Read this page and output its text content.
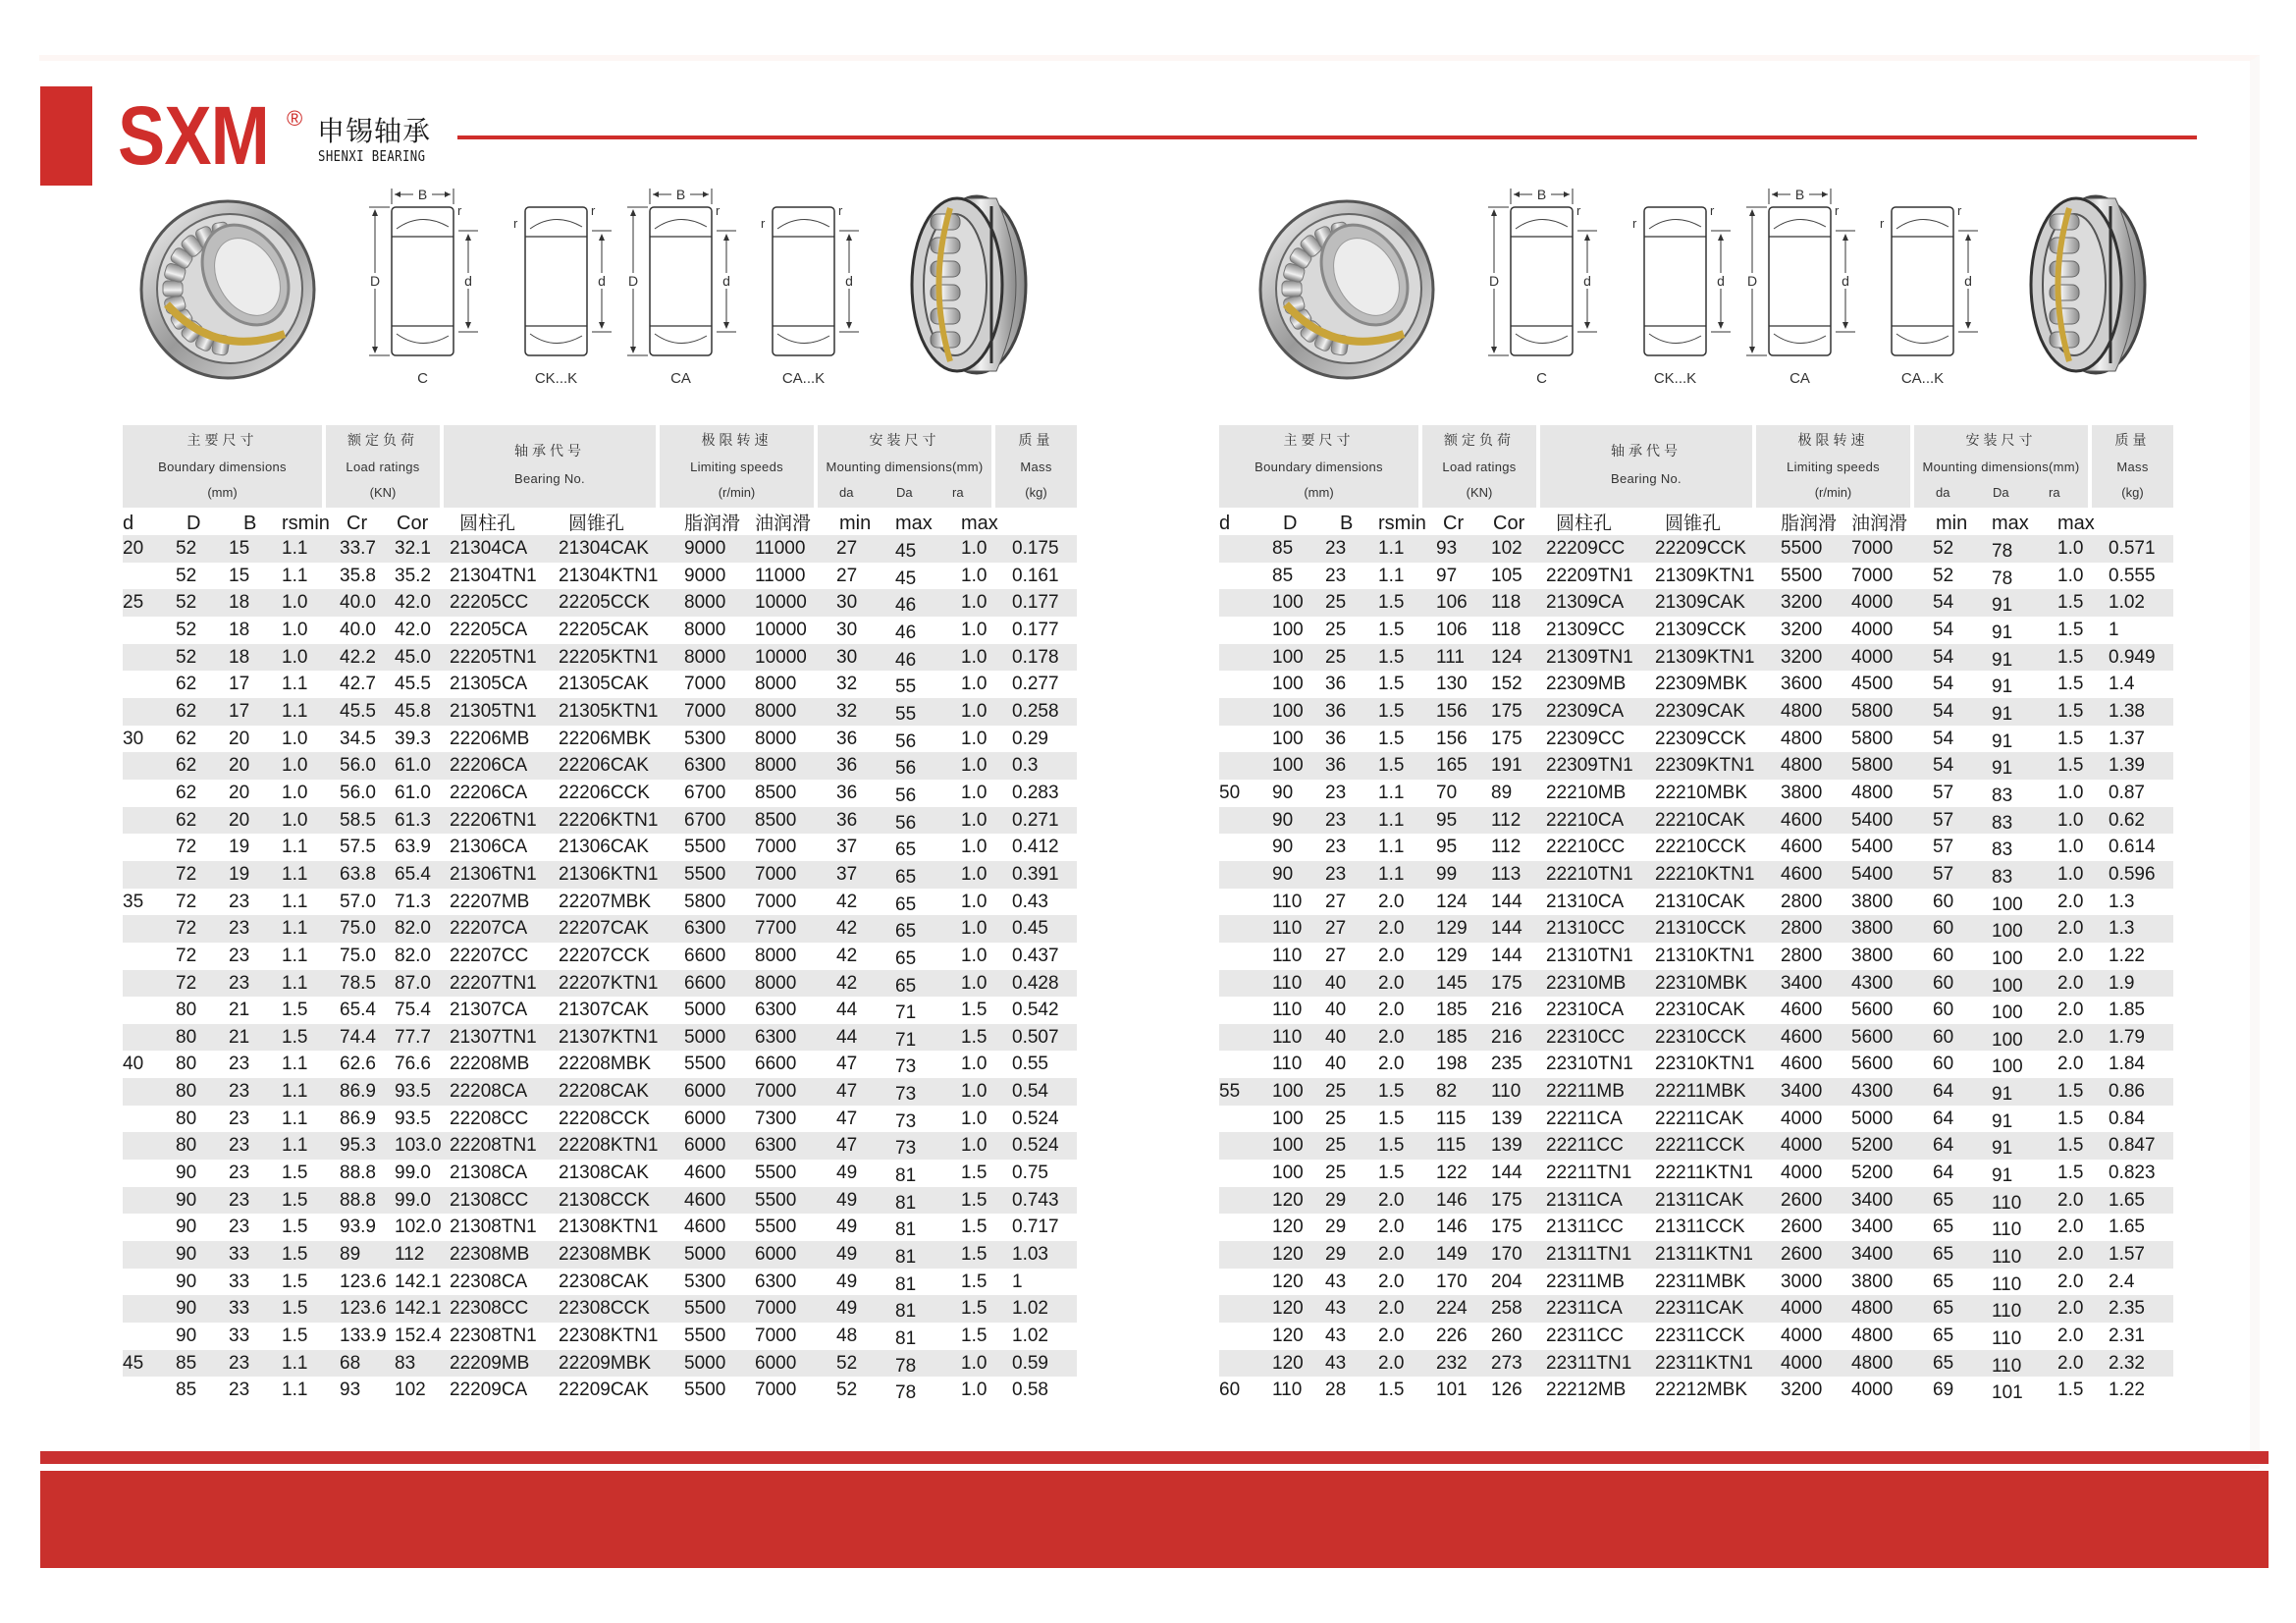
SXM ® 申锡轴承
SHENXI BEARING
r
d
D
B
C
r
d
r
CK...K
r
d
D
B
CA
r
d
r
CA...K
r
d
D
B
C
r
d
r
CK...K
r
d
D
B
CA
r
d
r
CA...K
主要尺寸
Boundary dimensions
(mm)
额定负荷
Load ratings
(KN)
轴承代号
Bearing No.
极限转速
Limiting speeds
(r/min)
安装尺寸
Mounting dimensions(mm)
da	Da	ra
质量
Mass
(kg)
d	D B rsmin Cr Cor 圆柱孔	圆锥孔	脂润滑 油润滑 min max max
20 52 15 1.1 33.7 32.1 21304CA 21304CAK 9000 11000 27 45 1.0 0.175
52 15 1.1 35.8 35.2 21304TN1 21304KTN1 9000 11000 27 45 1.0 0.161
25 52 18 1.0 40.0 42.0 22205CC 22205CCK 8000 10000 30 46 1.0 0.177
52 18 1.0 40.0 42.0 22205CA 22205CAK 8000 10000 30 46 1.0 0.177
52 18 1.0 42.2 45.0 22205TN1 22205KTN1 8000 10000 30 46 1.0 0.178
62 17 1.1 42.7 45.5 21305CA 21305CAK 7000 8000 32 55 1.0 0.277
62 17 1.1 45.5 45.8 21305TN1 21305KTN1 7000 8000 32 55 1.0 0.258
30 62 20 1.0 34.5 39.3 22206MB 22206MBK 5300 8000 36 56 1.0 0.29
62 20 1.0 56.0 61.0 22206CA 22206CAK 6300 8000 36 56 1.0 0.3
62 20 1.0 56.0 61.0 22206CA 22206CCK 6700 8500 36 56 1.0 0.283
62 20 1.0 58.5 61.3 22206TN1 22206KTN1 6700 8500 36 56 1.0 0.271
72 19 1.1 57.5 63.9 21306CA 21306CAK 5500 7000 37 65 1.0 0.412
72 19 1.1 63.8 65.4 21306TN1 21306KTN1 5500 7000 37 65 1.0 0.391
35 72 23 1.1 57.0 71.3 22207MB 22207MBK 5800 7000 42 65 1.0 0.43
72 23 1.1 75.0 82.0 22207CA 22207CAK 6300 7700 42 65 1.0 0.45
72 23 1.1 75.0 82.0 22207CC 22207CCK 6600 8000 42 65 1.0 0.437
72 23 1.1 78.5 87.0 22207TN1 22207KTN1 6600 8000 42 65 1.0 0.428
80 21 1.5 65.4 75.4 21307CA 21307CAK 5000 6300 44 71 1.5 0.542
80 21 1.5 74.4 77.7 21307TN1 21307KTN1 5000 6300 44 71 1.5 0.507
40 80 23 1.1 62.6 76.6 22208MB 22208MBK 5500 6600 47 73 1.0 0.55
80 23 1.1 86.9 93.5 22208CA 22208CAK 6000 7000 47 73 1.0 0.54
80 23 1.1 86.9 93.5 22208CC 22208CCK 6000 7300 47 73 1.0 0.524
80 23 1.1 95.3 103.0 22208TN1 22208KTN1 6000 6300 47 73 1.0 0.524
90 23 1.5 88.8 99.0 21308CA 21308CAK 4600 5500 49 81 1.5 0.75
90 23 1.5 88.8 99.0 21308CC 21308CCK 4600 5500 49 81 1.5 0.743
90 23 1.5 93.9 102.0 21308TN1 21308KTN1 4600 5500 49 81 1.5 0.717
90 33 1.5 89 112 22308MB 22308MBK 5000 6000 49 81 1.5 1.03
90 33 1.5 123.6 142.1 22308CA 22308CAK 5300 6300 49 81 1.5 1
90 33 1.5 123.6 142.1 22308CC 22308CCK 5500 7000 49 81 1.5 1.02
90 33 1.5 133.9 152.4 22308TN1 22308KTN1 5500 7000 48 81 1.5 1.02
45 85 23 1.1 68 83 22209MB 22209MBK 5000 6000 52 78 1.0 0.59
85 23 1.1 93 102 22209CA 22209CAK 5500 7000 52 78 1.0 0.58
主要尺寸
Boundary dimensions
(mm)
额定负荷
Load ratings
(KN)
轴承代号
Bearing No.
极限转速
Limiting speeds
(r/min)
安装尺寸
Mounting dimensions(mm)
da	Da	ra
质量
Mass
(kg)
d	D B rsmin Cr Cor 圆柱孔	圆锥孔	脂润滑 油润滑 min max max
85 23 1.1 93 102 22209CC 22209CCK 5500 7000 52 78 1.0 0.571
85 23 1.1 97 105 22209TN1 21309KTN1 5500 7000 52 78 1.0 0.555
100 25 1.5 106 118 21309CA 21309CAK 3200 4000 54 91 1.5 1.02
100 25 1.5 106 118 21309CC 21309CCK 3200 4000 54 91 1.5 1
100 25 1.5 111 124 21309TN1 21309KTN1 3200 4000 54 91 1.5 0.949
100 36 1.5 130 152 22309MB 22309MBK 3600 4500 54 91 1.5 1.4
100 36 1.5 156 175 22309CA 22309CAK 4800 5800 54 91 1.5 1.38
100 36 1.5 156 175 22309CC 22309CCK 4800 5800 54 91 1.5 1.37
100 36 1.5 165 191 22309TN1 22309KTN1 4800 5800 54 91 1.5 1.39
50 90 23 1.1 70 89 22210MB 22210MBK 3800 4800 57 83 1.0 0.87
90 23 1.1 95 112 22210CA 22210CAK 4600 5400 57 83 1.0 0.62
90 23 1.1 95 112 22210CC 22210CCK 4600 5400 57 83 1.0 0.614
90 23 1.1 99 113 22210TN1 22210KTN1 4600 5400 57 83 1.0 0.596
110 27 2.0 124 144 21310CA 21310CAK 2800 3800 60 100 2.0 1.3
110 27 2.0 129 144 21310CC 21310CCK 2800 3800 60 100 2.0 1.3
110 27 2.0 129 144 21310TN1 21310KTN1 2800 3800 60 100 2.0 1.22
110 40 2.0 145 175 22310MB 22310MBK 3400 4300 60 100 2.0 1.9
110 40 2.0 185 216 22310CA 22310CAK 4600 5600 60 100 2.0 1.85
110 40 2.0 185 216 22310CC 22310CCK 4600 5600 60 100 2.0 1.79
110 40 2.0 198 235 22310TN1 22310KTN1 4600 5600 60 100 2.0 1.84
55 100 25 1.5 82 110 22211MB 22211MBK 3400 4300 64 91 1.5 0.86
100 25 1.5 115 139 22211CA 22211CAK 4000 5000 64 91 1.5 0.84
100 25 1.5 115 139 22211CC 22211CCK 4000 5200 64 91 1.5 0.847
100 25 1.5 122 144 22211TN1 22211KTN1 4000 5200 64 91 1.5 0.823
120 29 2.0 146 175 21311CA 21311CAK 2600 3400 65 110 2.0 1.65
120 29 2.0 146 175 21311CC 21311CCK 2600 3400 65 110 2.0 1.65
120 29 2.0 149 170 21311TN1 21311KTN1 2600 3400 65 110 2.0 1.57
120 43 2.0 170 204 22311MB 22311MBK 3000 3800 65 110 2.0 2.4
120 43 2.0 224 258 22311CA 22311CAK 4000 4800 65 110 2.0 2.35
120 43 2.0 226 260 22311CC 22311CCK 4000 4800 65 110 2.0 2.31
120 43 2.0 232 273 22311TN1 22311KTN1 4000 4800 65 110 2.0 2.32
60 110 28 1.5 101 126 22212MB 22212MBK 3200 4000 69 101 1.5 1.22
